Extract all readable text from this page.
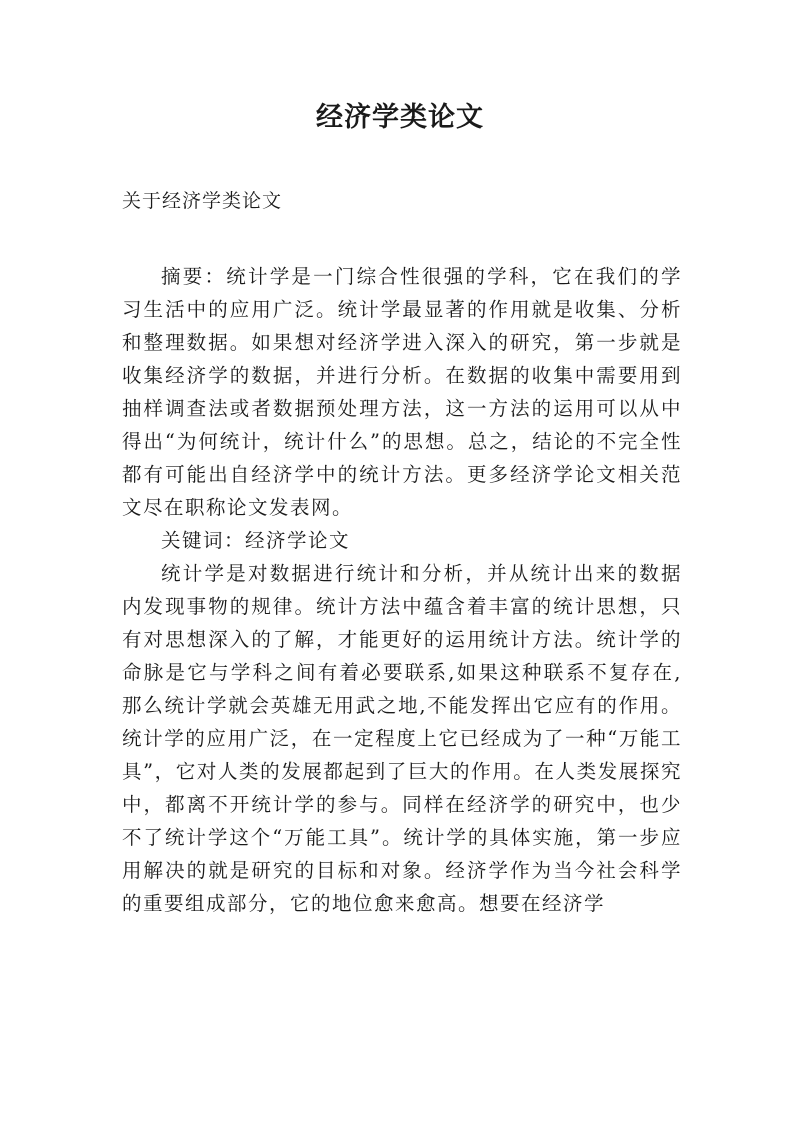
经济学类论文
关于经济学类论文

摘要：统计学是一门综合性很强的学科，它在我们的学习生活中的应用广泛。统计学最显著的作用就是收集、分析和整理数据。如果想对经济学进入深入的研究，第一步就是收集经济学的数据，并进行分析。在数据的收集中需要用到抽样调查法或者数据预处理方法，这一方法的运用可以从中得出“为何统计，统计什么”的思想。总之，结论的不完全性都有可能出自经济学中的统计方法。更多经济学论文相关范文尽在职称论文发表网。

关键词：经济学论文

统计学是对数据进行统计和分析，并从统计出来的数据内发现事物的规律。统计方法中蕴含着丰富的统计思想，只有对思想深入的了解，才能更好的运用统计方法。统计学的命脉是它与学科之间有着必要联系,如果这种联系不复存在,那么统计学就会英雄无用武之地,不能发挥出它应有的作用。统计学的应用广泛，在一定程度上它已经成为了一种“万能工具”，它对人类的发展都起到了巨大的作用。在人类发展探究中，都离不开统计学的参与。同样在经济学的研究中，也少不了统计学这个“万能工具”。统计学的具体实施，第一步应用解决的就是研究的目标和对象。经济学作为当今社会科学的重要组成部分，它的地位愈来愈高。想要在经济学
